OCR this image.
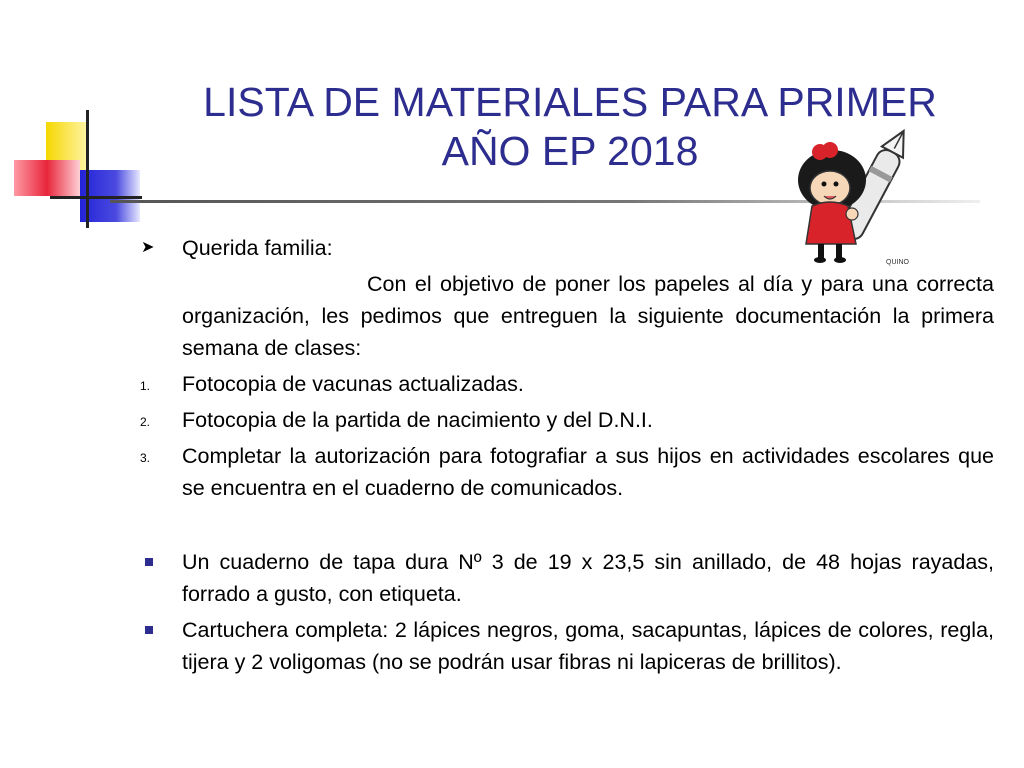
LISTA DE MATERIALES PARA PRIMER
AÑO EP 2018
QUINO
➤	Querida familia:
Con el objetivo de poner los papeles al día y para una correcta organización, les pedimos que entreguen la siguiente documentación la primera semana de clases:
1.	Fotocopia de vacunas actualizadas.
2.	Fotocopia de la partida de nacimiento y del D.N.I.
3.	Completar la autorización para fotografiar a sus hijos en actividades escolares que se encuentra en el cuaderno de comunicados.
Un cuaderno de tapa dura Nº 3 de 19 x 23,5 sin anillado, de 48 hojas rayadas, forrado a gusto, con etiqueta.
Cartuchera completa: 2 lápices negros, goma, sacapuntas, lápices de colores, regla, tijera y 2 voligomas (no se podrán usar fibras ni lapiceras de brillitos).
